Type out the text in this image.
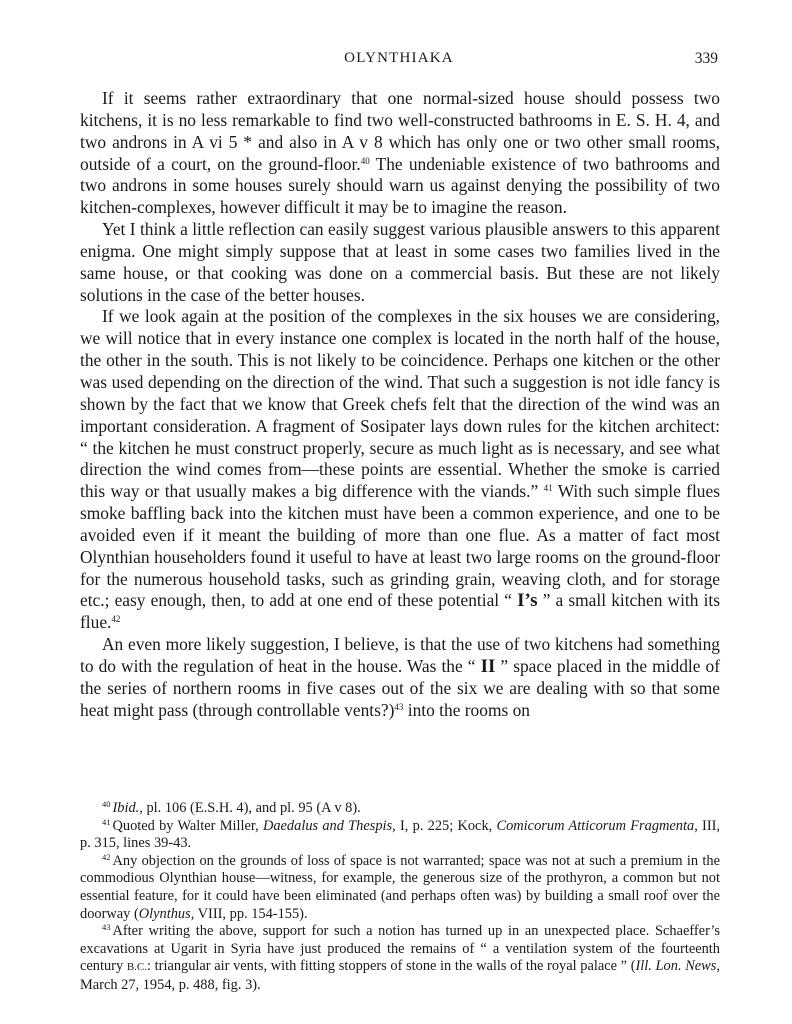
OLYNTHIAKA	339

If it seems rather extraordinary that one normal-sized house should possess two kitchens, it is no less remarkable to find two well-constructed bathrooms in E. S. H. 4, and two androns in A vi 5 * and also in A v 8 which has only one or two other small rooms, outside of a court, on the ground-floor.$^{40}$ The undeniable existence of two bathrooms and two androns in some houses surely should warn us against denying the possibility of two kitchen-complexes, however difficult it may be to imagine the reason.

Yet I think a little reflection can easily suggest various plausible answers to this apparent enigma. One might simply suppose that at least in some cases two families lived in the same house, or that cooking was done on a commercial basis. But these are not likely solutions in the case of the better houses.

If we look again at the position of the complexes in the six houses we are considering, we will notice that in every instance one complex is located in the north half of the house, the other in the south. This is not likely to be coincidence. Perhaps one kitchen or the other was used depending on the direction of the wind. That such a suggestion is not idle fancy is shown by the fact that we know that Greek chefs felt that the direction of the wind was an important consideration. A fragment of Sosipater lays down rules for the kitchen architect: “ the kitchen he must construct properly, secure as much light as is necessary, and see what direction the wind comes from—these points are essential. Whether the smoke is carried this way or that usually makes a big difference with the viands.” $^{41}$ With such simple flues smoke baffling back into the kitchen must have been a common experience, and one to be avoided even if it meant the building of more than one flue. As a matter of fact most Olynthian householders found it useful to have at least two large rooms on the ground-floor for the numerous household tasks, such as grinding grain, weaving cloth, and for storage etc.; easy enough, then, to add at one end of these potential “ I’s ” a small kitchen with its flue.$^{42}$

An even more likely suggestion, I believe, is that the use of two kitchens had something to do with the regulation of heat in the house. Was the “ II ” space placed in the middle of the series of northern rooms in five cases out of the six we are dealing with so that some heat might pass (through controllable vents?)$^{43}$ into the rooms on

$^{40}$ Ibid., pl. 106 (E.S.H. 4), and pl. 95 (A v 8).

$^{41}$ Quoted by Walter Miller, Daedalus and Thespis, I, p. 225; Kock, Comicorum Atticorum Fragmenta, III, p. 315, lines 39-43.

$^{42}$ Any objection on the grounds of loss of space is not warranted; space was not at such a premium in the commodious Olynthian house—witness, for example, the generous size of the prothyron, a common but not essential feature, for it could have been eliminated (and perhaps often was) by building a small roof over the doorway (Olynthus, VIII, pp. 154-155).

$^{43}$ After writing the above, support for such a notion has turned up in an unexpected place. Schaeffer’s excavations at Ugarit in Syria have just produced the remains of “ a ventilation system of the fourteenth century B.C.: triangular air vents, with fitting stoppers of stone in the walls of the royal palace ” (Ill. Lon. News, March 27, 1954, p. 488, fig. 3).
